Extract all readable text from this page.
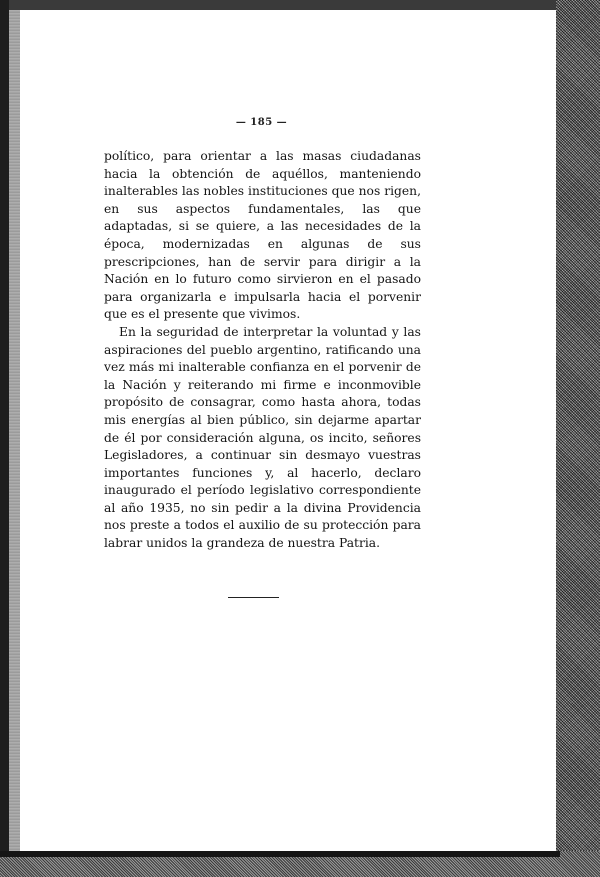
— 185 —

político, para orientar a las masas ciudadanas hacia la obtención de aquéllos, manteniendo inalterables las nobles instituciones que nos rigen, en sus aspectos fundamentales, las que adaptadas, si se quiere, a las necesidades de la época, modernizadas en algunas de sus prescripciones, han de servir para dirigir a la Nación en lo futuro como sirvieron en el pasado para organizarla e impulsarla hacia el porvenir que es el presente que vivimos.

En la seguridad de interpretar la voluntad y las aspiraciones del pueblo argentino, ratificando una vez más mi inalterable confianza en el porvenir de la Nación y reiterando mi firme e inconmovible propósito de consagrar, como hasta ahora, todas mis energías al bien público, sin dejarme apartar de él por consideración alguna, os incito, señores Legisladores, a continuar sin desmayo vuestras importantes funciones y, al hacerlo, declaro inaugurado el período legislativo correspondiente al año 1935, no sin pedir a la divina Providencia nos preste a todos el auxilio de su protección para labrar unidos la grandeza de nuestra Patria.
